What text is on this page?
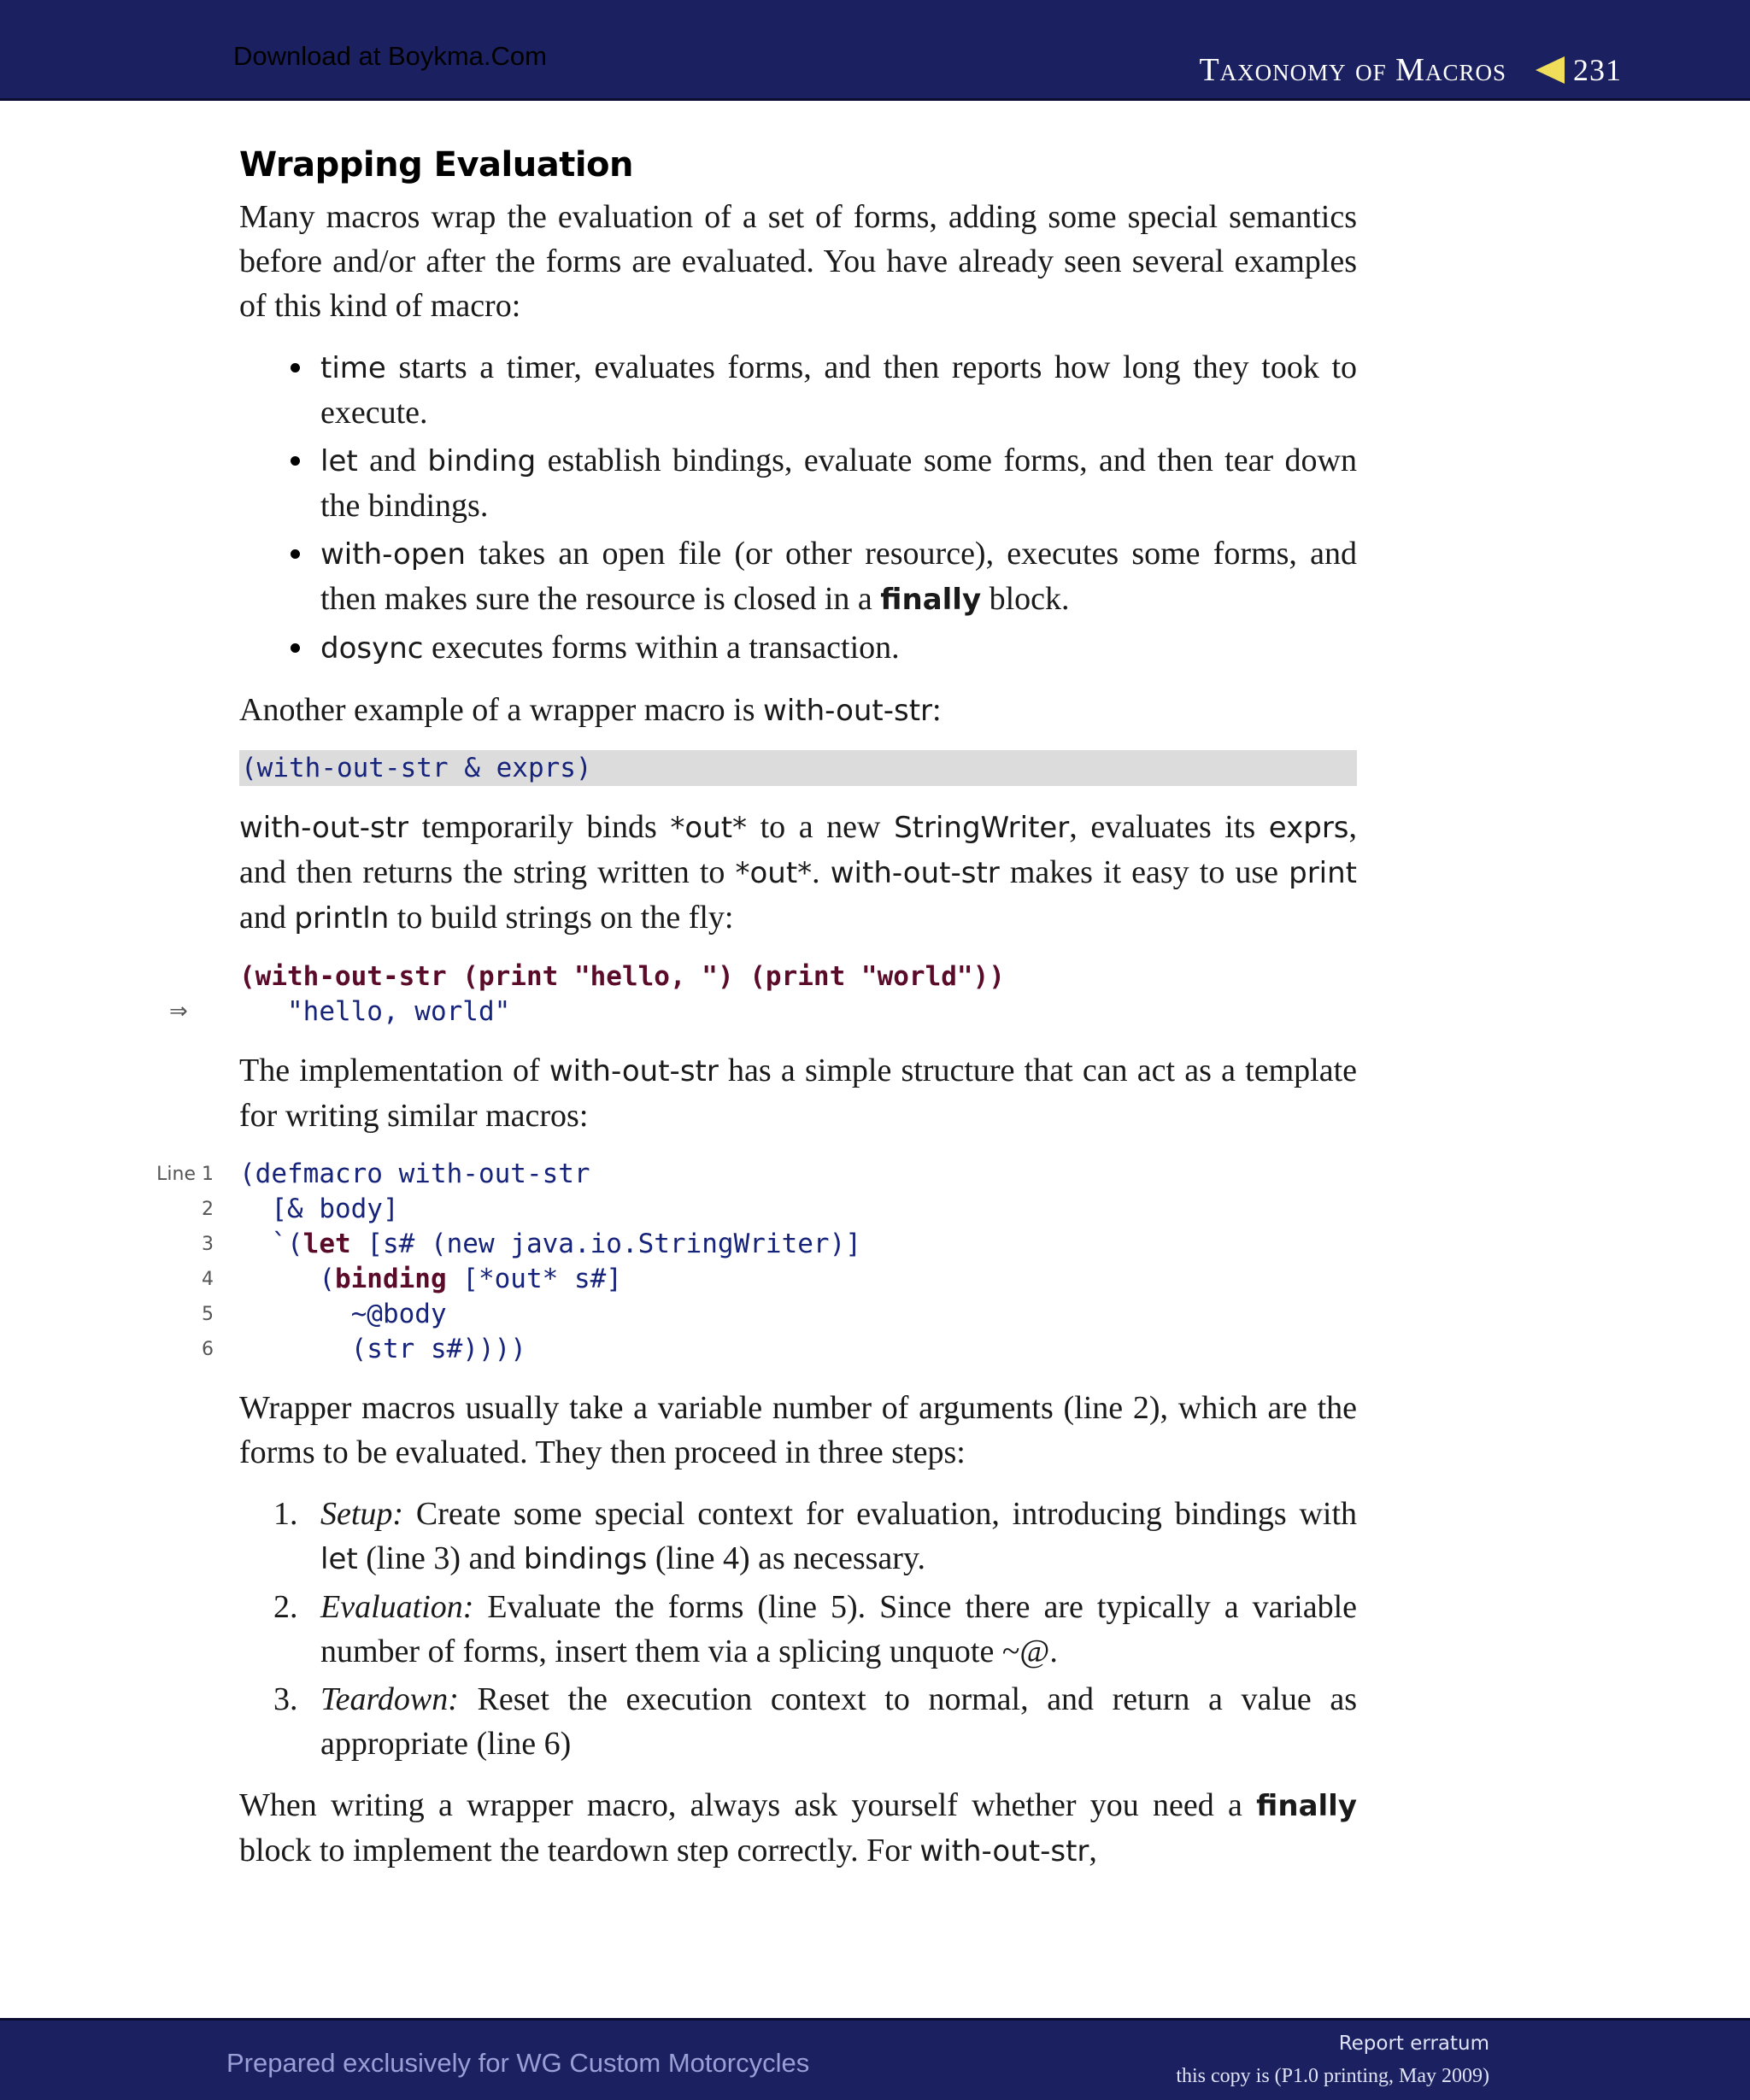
Download at Boykma.Com	Taxonomy of Macros 231
Wrapping Evaluation

Many macros wrap the evaluation of a set of forms, adding some special semantics before and/or after the forms are evaluated. You have already seen several examples of this kind of macro:

time starts a timer, evaluates forms, and then reports how long they took to execute.
let and binding establish bindings, evaluate some forms, and then tear down the bindings.
with-open takes an open file (or other resource), executes some forms, and then makes sure the resource is closed in a finally block.
dosync executes forms within a transaction.

Another example of a wrapper macro is with-out-str:

(with-out-str & exprs)

with-out-str temporarily binds *out* to a new StringWriter, evaluates its exprs, and then returns the string written to *out*. with-out-str makes it easy to use print and println to build strings on the fly:

(with-out-str (print "hello, ") (print "world"))
⇒ "hello, world"

The implementation of with-out-str has a simple structure that can act as a template for writing similar macros:

Line 1 (defmacro with-out-str
2 [& body]
3 `(let [s# (new java.io.StringWriter)]
4 (binding [*out* s#]
5 ~@body
6 (str s#))))

Wrapper macros usually take a variable number of arguments (line 2), which are the forms to be evaluated. They then proceed in three steps:

1. Setup: Create some special context for evaluation, introducing bindings with let (line 3) and bindings (line 4) as necessary.
2. Evaluation: Evaluate the forms (line 5). Since there are typically a variable number of forms, insert them via a splicing unquote ~@.
3. Teardown: Reset the execution context to normal, and return a value as appropriate (line 6)

When writing a wrapper macro, always ask yourself whether you need a finally block to implement the teardown step correctly. For with-out-str,

Prepared exclusively for WG Custom Motorcycles
Report erratum
this copy is (P1.0 printing, May 2009)
